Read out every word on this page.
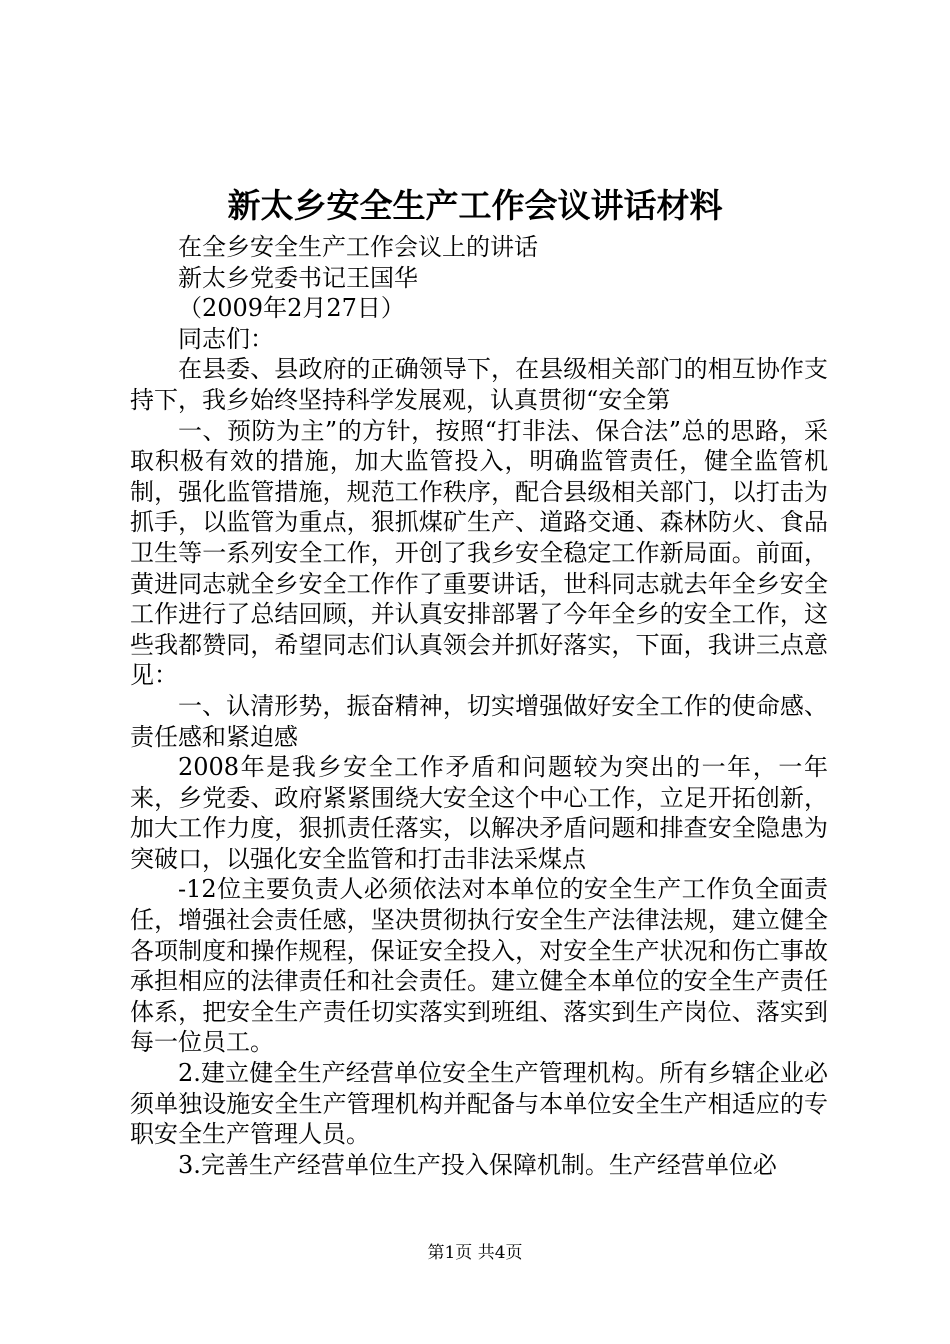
新太乡安全生产工作会议讲话材料

在全乡安全生产工作会议上的讲话

新太乡党委书记王国华

（2009年2月27日）

同志们：

在县委、县政府的正确领导下，在县级相关部门的相互协作支持下，我乡始终坚持科学发展观，认真贯彻“安全第

一、预防为主”的方针，按照“打非法、保合法”总的思路，采取积极有效的措施，加大监管投入，明确监管责任，健全监管机制，强化监管措施，规范工作秩序，配合县级相关部门，以打击为抓手，以监管为重点，狠抓煤矿生产、道路交通、森林防火、食品卫生等一系列安全工作，开创了我乡安全稳定工作新局面。前面，黄进同志就全乡安全工作作了重要讲话，世科同志就去年全乡安全工作进行了总结回顾，并认真安排部署了今年全乡的安全工作，这些我都赞同，希望同志们认真领会并抓好落实，下面，我讲三点意见：

一、认清形势，振奋精神，切实增强做好安全工作的使命感、责任感和紧迫感

2008年是我乡安全工作矛盾和问题较为突出的一年，一年来，乡党委、政府紧紧围绕大安全这个中心工作，立足开拓创新，加大工作力度，狠抓责任落实，以解决矛盾问题和排查安全隐患为突破口，以强化安全监管和打击非法采煤点

-12位主要负责人必须依法对本单位的安全生产工作负全面责任，增强社会责任感，坚决贯彻执行安全生产法律法规，建立健全各项制度和操作规程，保证安全投入，对安全生产状况和伤亡事故承担相应的法律责任和社会责任。建立健全本单位的安全生产责任体系，把安全生产责任切实落实到班组、落实到生产岗位、落实到每一位员工。

2.建立健全生产经营单位安全生产管理机构。所有乡辖企业必须单独设施安全生产管理机构并配备与本单位安全生产相适应的专职安全生产管理人员。

3.完善生产经营单位生产投入保障机制。生产经营单位必

第1页 共4页
